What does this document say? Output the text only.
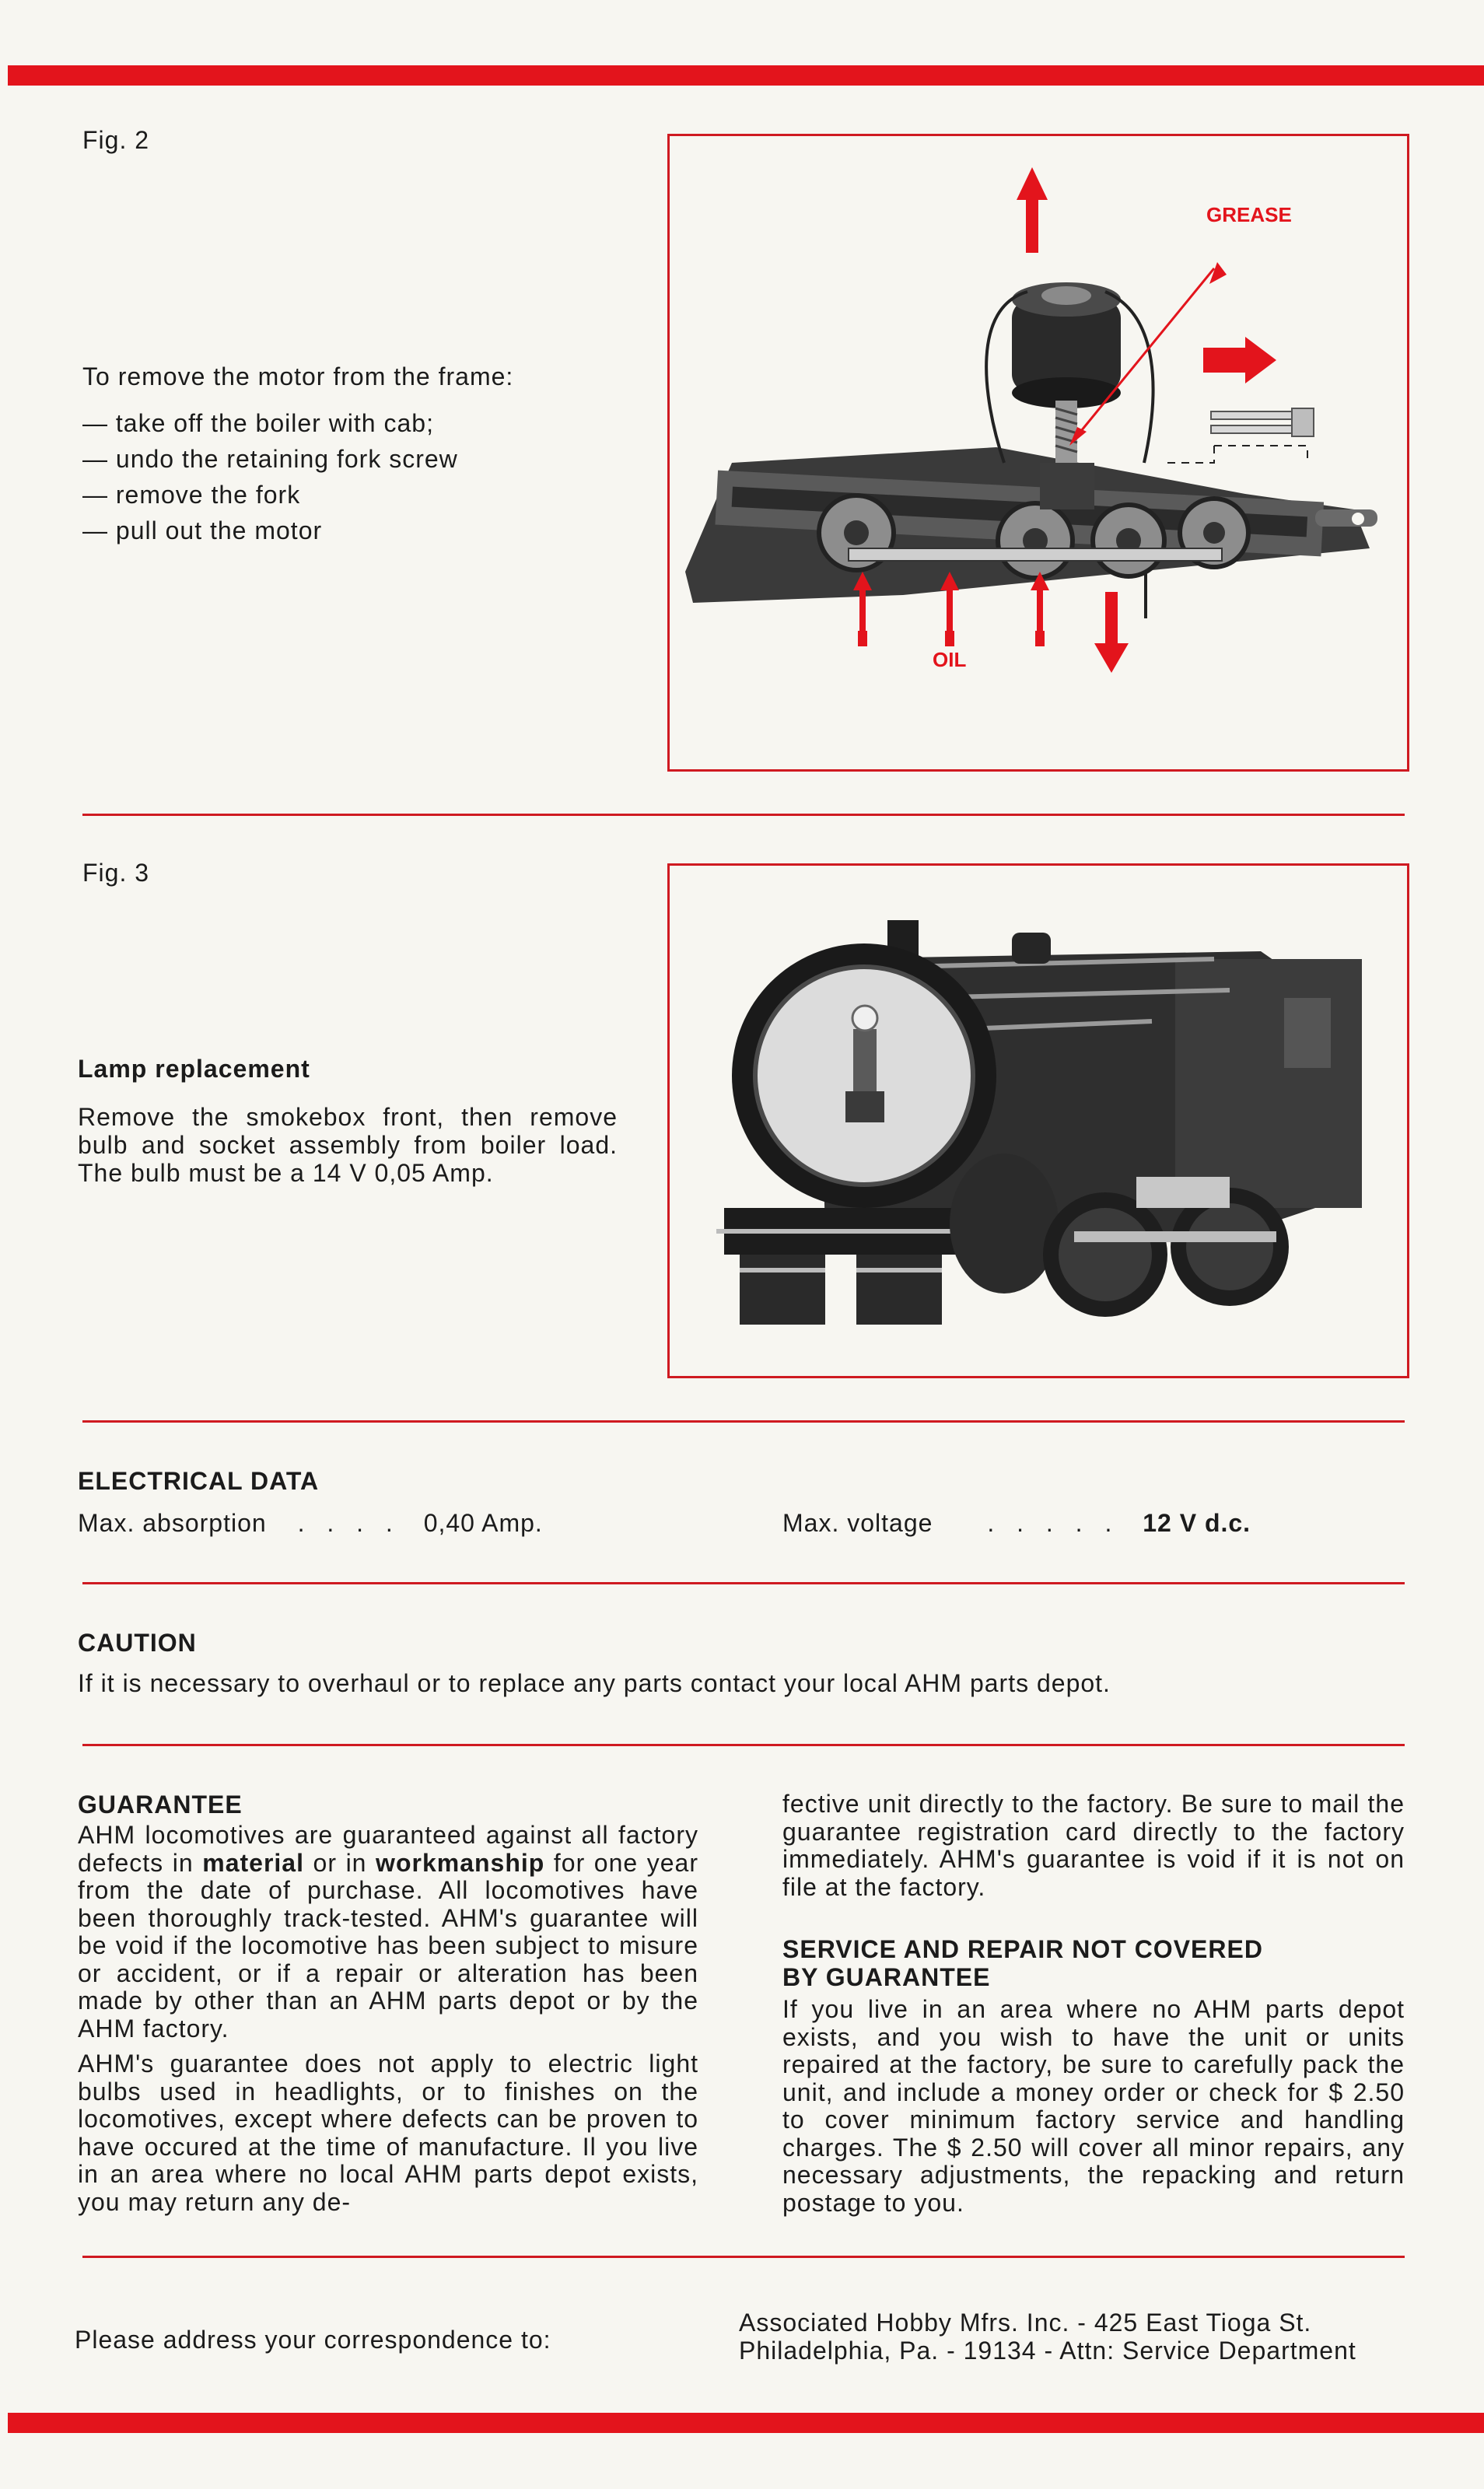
Fig. 2
To remove the motor from the frame:
— take off the boiler with cab;
— undo the retaining fork screw
— remove the fork
— pull out the motor
GREASE
OIL
Fig. 3
Lamp replacement
Remove the smokebox front, then remove bulb and socket assembly from boiler load. The bulb must be a 14 V 0,05 Amp.
ELECTRICAL DATA
Max. absorption . . . . 0,40 Amp.	Max. voltage . . . . . 12 V d.c.
CAUTION
If it is necessary to overhaul or to replace any parts contact your local AHM parts depot.
GUARANTEE
AHM locomotives are guaranteed against all factory defects in material or in workmanship for one year from the date of purchase. All locomotives have been thoroughly track-tested. AHM's guarantee will be void if the locomotive has been subject to misure or accident, or if a repair or alteration has been made by other than an AHM parts depot or by the AHM factory.
AHM's guarantee does not apply to electric light bulbs used in headlights, or to finishes on the locomotives, except where defects can be proven to have occured at the time of manufacture. Il you live in an area where no local AHM parts depot exists, you may return any de-
fective unit directly to the factory. Be sure to mail the guarantee registration card directly to the factory immediately. AHM's guarantee is void if it is not on file at the factory.
SERVICE AND REPAIR NOT COVERED
BY GUARANTEE
If you live in an area where no AHM parts depot exists, and you wish to have the unit or units repaired at the factory, be sure to carefully pack the unit, and include a money order or check for $ 2.50 to cover minimum factory service and handling charges. The $ 2.50 will cover all minor repairs, any necessary adjustments, the repacking and return postage to you.
Please address your correspondence to:
Associated Hobby Mfrs. Inc. - 425 East Tioga St.
Philadelphia, Pa. - 19134 - Attn: Service Department
